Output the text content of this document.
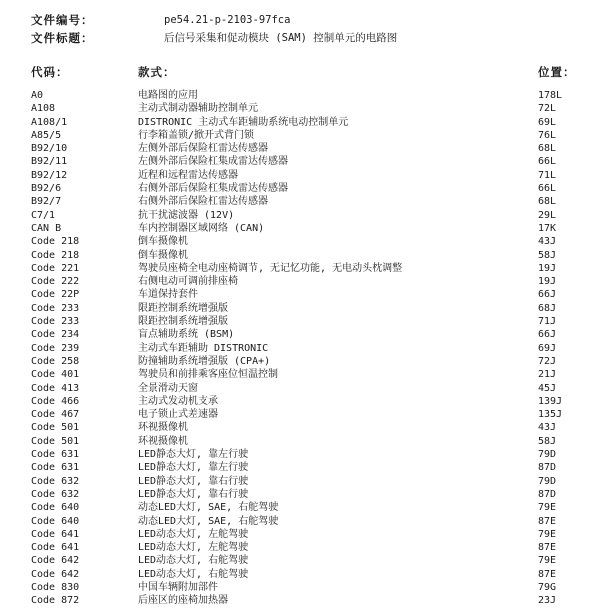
文件编号：	pe54.21-p-2103-97fca
文件标题：	后信号采集和促动模块 (SAM) 控制单元的电路图
代码：	款式：	位置：
A0	电路图的应用	178L
A108	主动式制动器辅助控制单元	72L
A108/1	DISTRONIC 主动式车距辅助系统电动控制单元	69L
A85/5	行李箱盖锁/掀开式背门锁	76L
B92/10	左侧外部后保险杠雷达传感器	68L
B92/11	左侧外部后保险杠集成雷达传感器	66L
B92/12	近程和远程雷达传感器	71L
B92/6	右侧外部后保险杠集成雷达传感器	66L
B92/7	右侧外部后保险杠雷达传感器	68L
C7/1	抗干扰滤波器 (12V)	29L
CAN B	车内控制器区域网络 (CAN)	17K
Code 218	倒车摄像机	43J
Code 218	倒车摄像机	58J
Code 221	驾驶员座椅全电动座椅调节, 无记忆功能, 无电动头枕调整	19J
Code 222	右侧电动可调前排座椅	19J
Code 22P	车道保持套件	66J
Code 233	限距控制系统增强版	68J
Code 233	限距控制系统增强版	71J
Code 234	盲点辅助系统 (BSM)	66J
Code 239	主动式车距辅助 DISTRONIC	69J
Code 258	防撞辅助系统增强版 (CPA+)	72J
Code 401	驾驶员和前排乘客座位恒温控制	21J
Code 413	全景滑动天窗	45J
Code 466	主动式发动机支承	139J
Code 467	电子锁止式差速器	135J
Code 501	环视摄像机	43J
Code 501	环视摄像机	58J
Code 631	LED静态大灯, 靠左行驶	79D
Code 631	LED静态大灯, 靠左行驶	87D
Code 632	LED静态大灯, 靠右行驶	79D
Code 632	LED静态大灯, 靠右行驶	87D
Code 640	动态LED大灯, SAE, 右舵驾驶	79E
Code 640	动态LED大灯, SAE, 右舵驾驶	87E
Code 641	LED动态大灯, 左舵驾驶	79E
Code 641	LED动态大灯, 左舵驾驶	87E
Code 642	LED动态大灯, 右舵驾驶	79E
Code 642	LED动态大灯, 右舵驾驶	87E
Code 830	中国车辆附加部件	79G
Code 872	后座区的座椅加热器	23J
